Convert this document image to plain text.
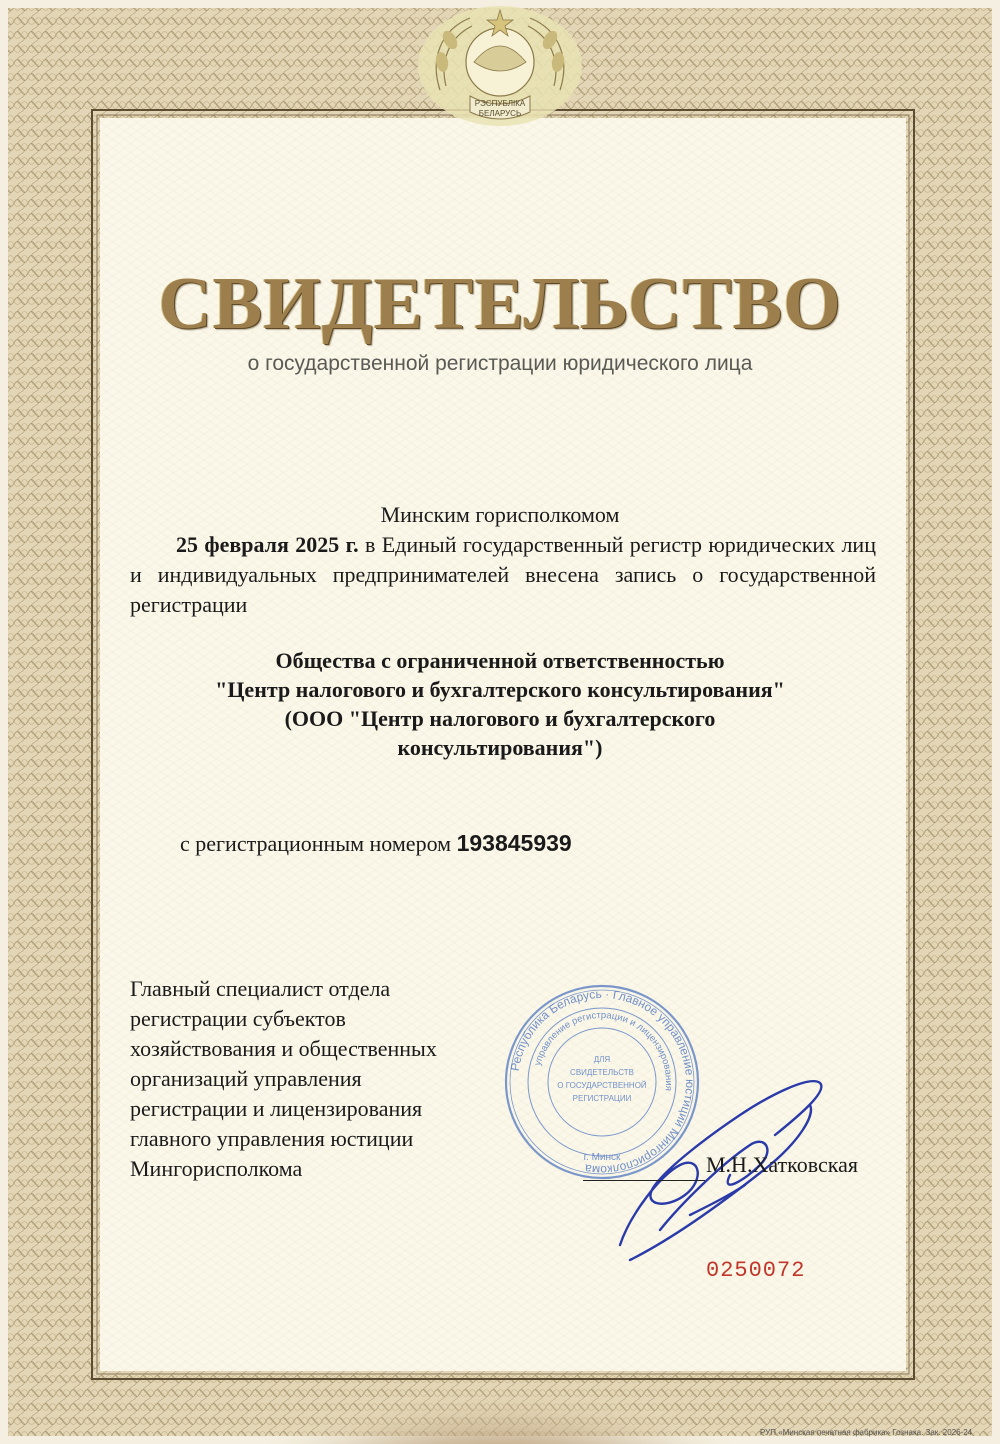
РЭСПУБЛІКА
БЕЛАРУСЬ
СВИДЕТЕЛЬСТВО
о государственной регистрации юридического лица
Минским горисполкомом
25 февраля 2025 г. в Единый государственный регистр юридических лиц и индивидуальных предпринимателей внесена запись о государственной регистрации
Общества с ограниченной ответственностью
"Центр налогового и бухгалтерского консультирования"
(ООО "Центр налогового и бухгалтерского
консультирования")
с регистрационным номером 193845939
Главный специалист отдела
регистрации субъектов
хозяйствования и общественных
организаций управления
регистрации и лицензирования
главного управления юстиции
Мингорисполкома
Республика Беларусь · Главное управление юстиции Мингорисполкома
управление регистрации и лицензирования
ДЛЯ
СВИДЕТЕЛЬСТВ
О ГОСУДАРСТВЕННОЙ
РЕГИСТРАЦИИ
г. Минск	М.Н.Хатковская
0250072
РУП «Минская печатная фабрика» Гознака. Зак. 2026-24
